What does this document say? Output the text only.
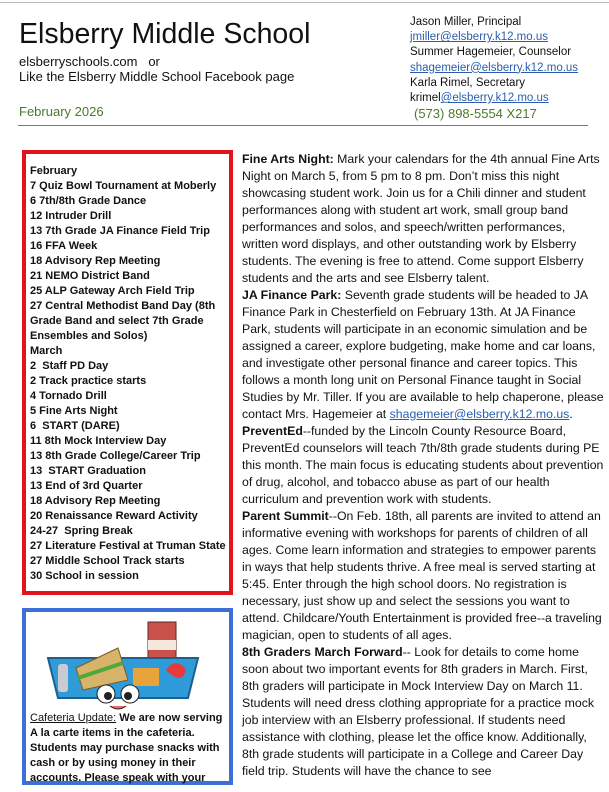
Elsberry Middle School
elsberryschools.com   or
Like the Elsberry Middle School Facebook page
February 2026
Jason Miller, Principal
jmiller@elsberry.k12.mo.us
Summer Hagemeier, Counselor
shagemeier@elsberry.k12.mo.us
Karla Rimel, Secretary
krimel@elsberry.k12.mo.us
(573) 898-5554 X217
February
7 Quiz Bowl Tournament at Moberly
6 7th/8th Grade Dance
12 Intruder Drill
13 7th Grade JA Finance Field Trip
16 FFA Week
18 Advisory Rep Meeting
21 NEMO District Band
25 ALP Gateway Arch Field Trip
27 Central Methodist Band Day (8th
Grade Band and select 7th Grade
Ensembles and Solos)
March
2  Staff PD Day
2 Track practice starts
4 Tornado Drill
5 Fine Arts Night
6  START (DARE)
11 8th Mock Interview Day
13 8th Grade College/Career Trip
13  START Graduation
13 End of 3rd Quarter
18 Advisory Rep Meeting
20 Renaissance Reward Activity
24-27  Spring Break
27 Literature Festival at Truman State
27 Middle School Track starts
30 School in session
Cafeteria Update: We are now serving A la carte items in the cafeteria. Students may purchase snacks with cash or by using money in their accounts. Please speak with your

Fine Arts Night: Mark your calendars for the 4th annual Fine Arts Night on March 5, from 5 pm to 8 pm. Don’t miss this night showcasing student work. Join us for a Chili dinner and student performances along with student art work, small group band performances and solos, and speech/written performances, written word displays, and other outstanding work by Elsberry students. The evening is free to attend. Come support Elsberry students and the arts and see Elsberry talent.

JA Finance Park: Seventh grade students will be headed to JA Finance Park in Chesterfield on February 13th. At JA Finance Park, students will participate in an economic simulation and be assigned a career, explore budgeting, make home and car loans, and investigate other personal finance and career topics. This follows a month long unit on Personal Finance taught in Social Studies by Mr. Tiller. If you are available to help chaperone, please contact Mrs. Hagemeier at shagemeier@elsberry.k12.mo.us.

PreventEd--funded by the Lincoln County Resource Board, PreventEd counselors will teach 7th/8th grade students during PE this month. The main focus is educating students about prevention of drug, alcohol, and tobacco abuse as part of our health curriculum and prevention work with students.

Parent Summit--On Feb. 18th, all parents are invited to attend an informative evening with workshops for parents of children of all ages. Come learn information and strategies to empower parents in ways that help students thrive. A free meal is served starting at 5:45. Enter through the high school doors. No registration is necessary, just show up and select the sessions you want to attend. Childcare/Youth Entertainment is provided free--a traveling magician, open to students of all ages.

8th Graders March Forward-- Look for details to come home soon about two important events for 8th graders in March. First, 8th graders will participate in Mock Interview Day on March 11. Students will need dress clothing appropriate for a practice mock job interview with an Elsberry professional. If students need assistance with clothing, please let the office know. Additionally, 8th grade students will participate in a College and Career Day field trip. Students will have the chance to see
